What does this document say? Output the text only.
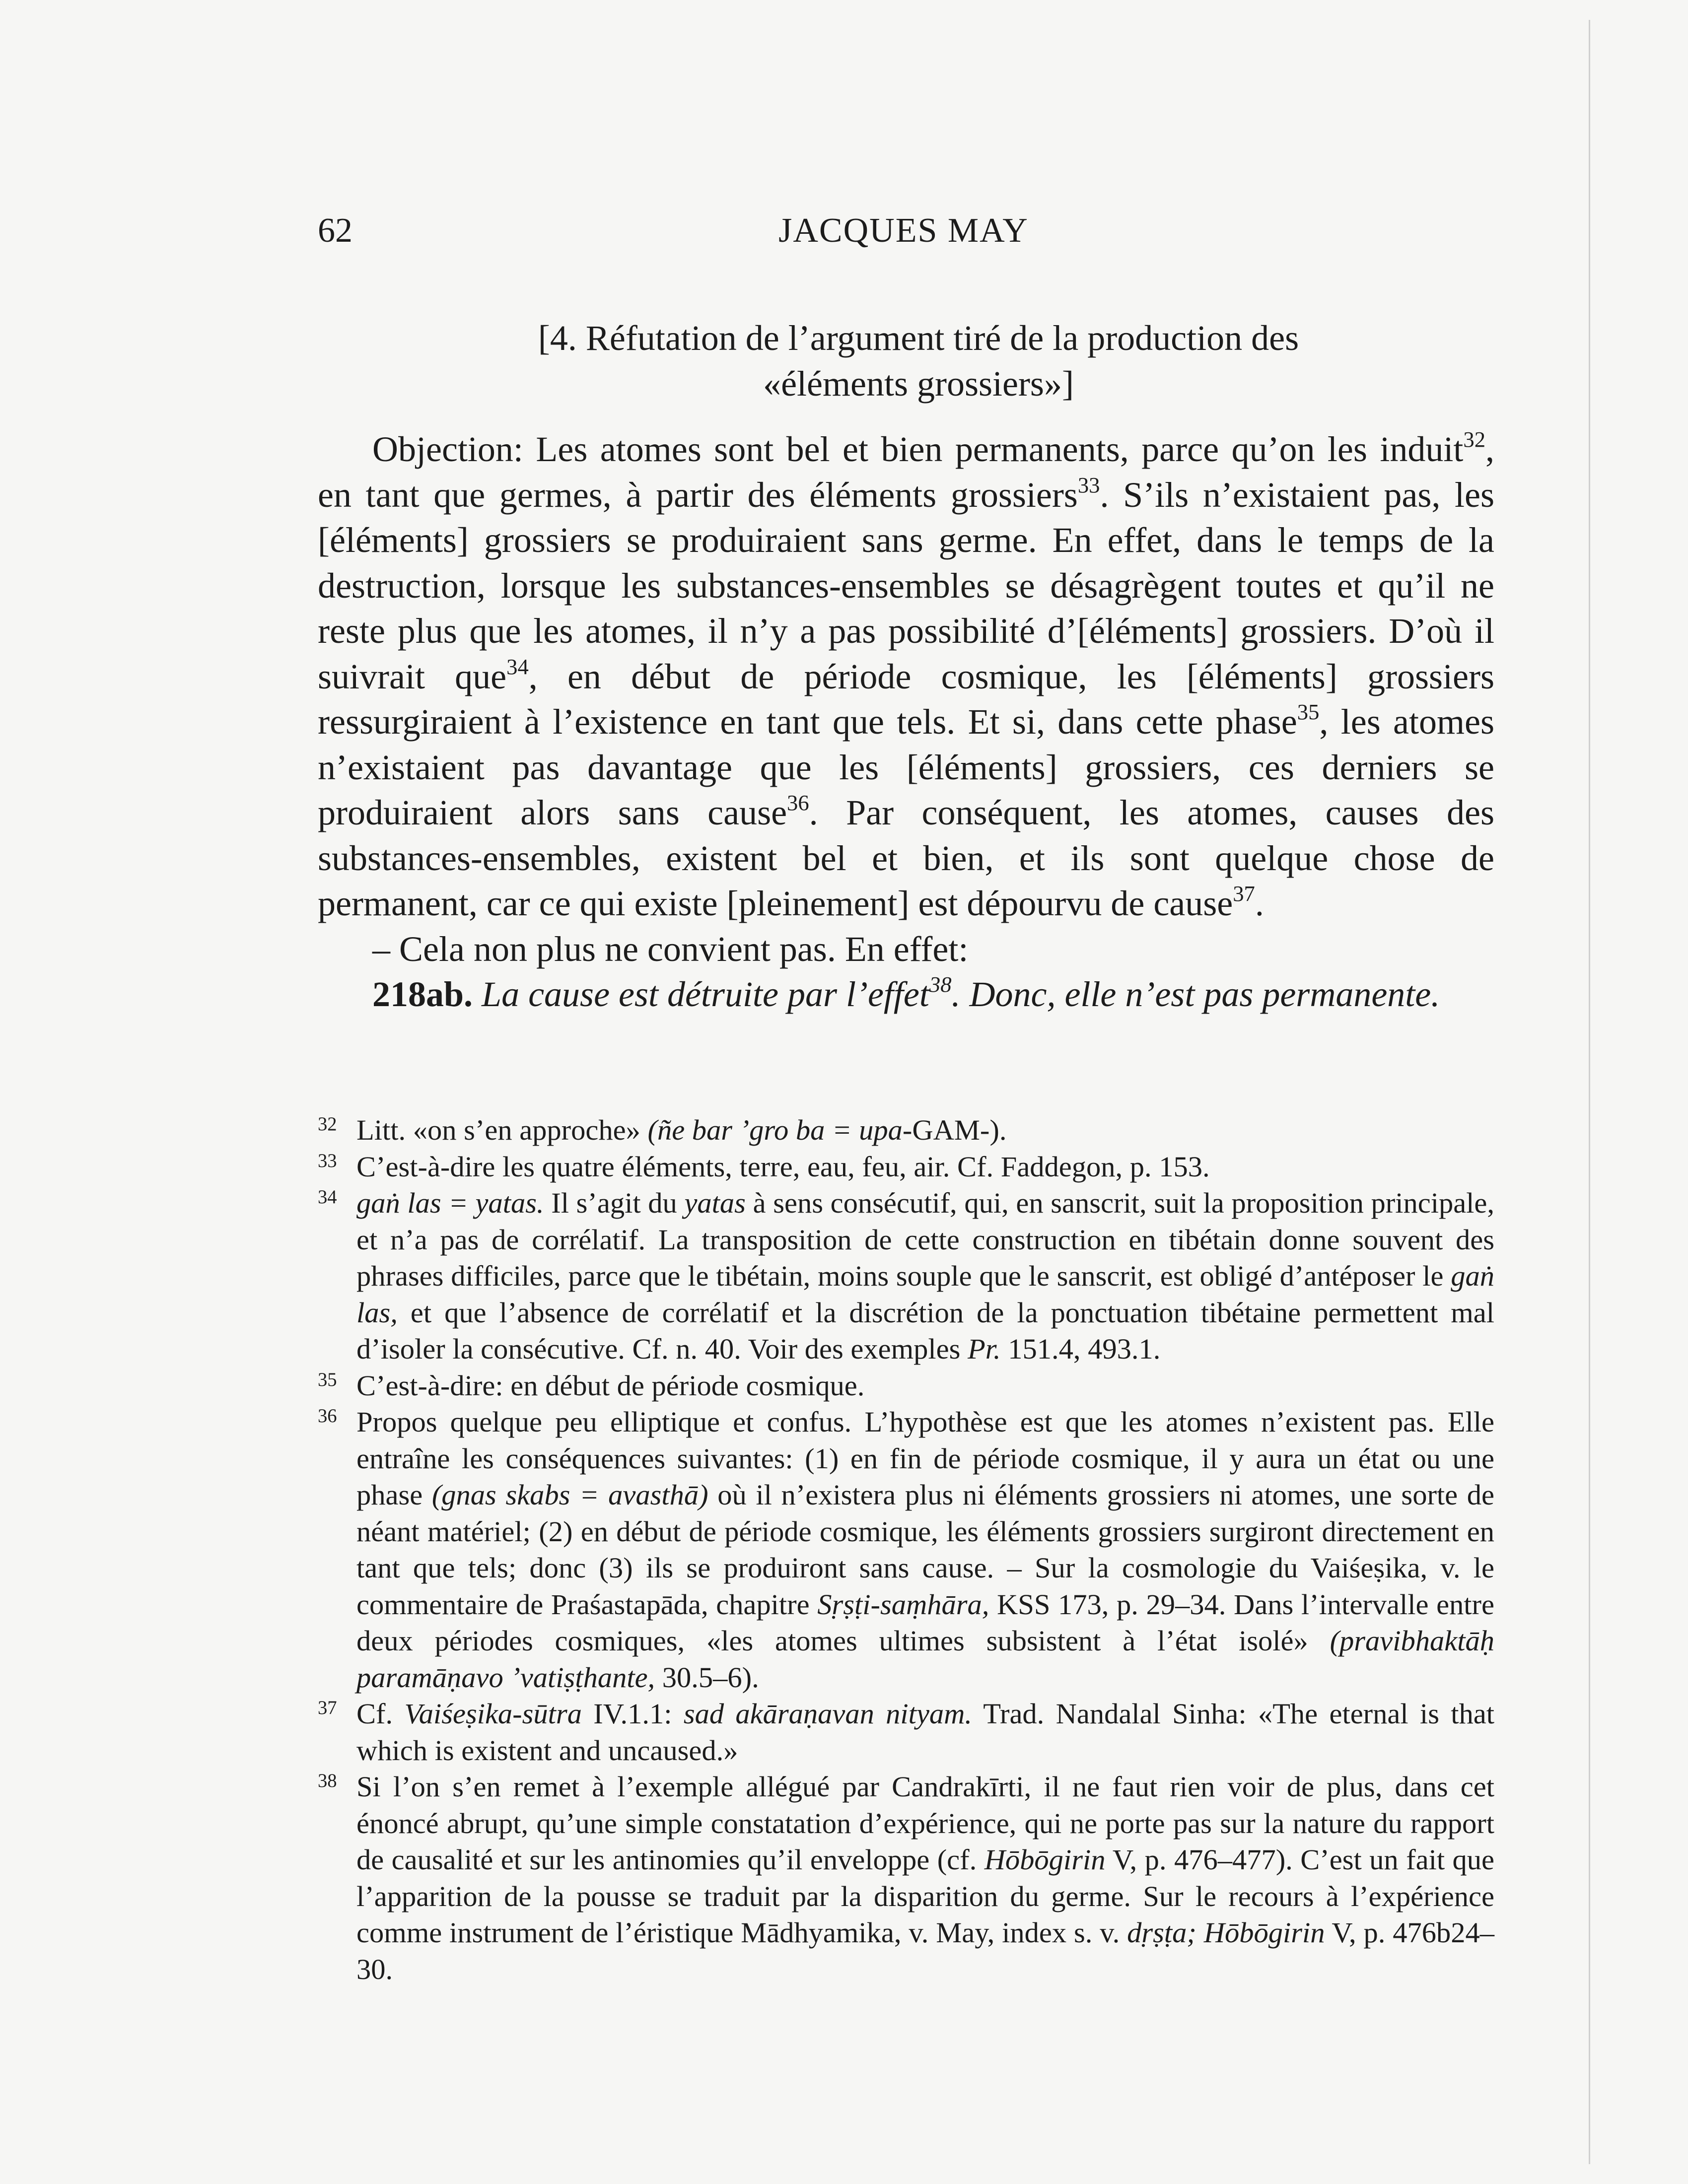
62	JACQUES MAY
[4. Réfutation de l’argument tiré de la production des
«éléments grossiers»]

Objection: Les atomes sont bel et bien permanents, parce qu’on les induit$^{32}$, en tant que germes, à partir des éléments grossiers$^{33}$. S’ils n’existaient pas, les [éléments] grossiers se produiraient sans germe. En effet, dans le temps de la destruction, lorsque les substances-ensembles se désagrègent toutes et qu’il ne reste plus que les atomes, il n’y a pas possibilité d’[éléments] grossiers. D’où il suivrait que$^{34}$, en début de période cosmique, les [éléments] grossiers ressurgiraient à l’existence en tant que tels. Et si, dans cette phase$^{35}$, les atomes n’existaient pas davantage que les [éléments] grossiers, ces derniers se produiraient alors sans cause$^{36}$. Par conséquent, les atomes, causes des substances-ensembles, existent bel et bien, et ils sont quelque chose de permanent, car ce qui existe [pleinement] est dépourvu de cause$^{37}$.

– Cela non plus ne convient pas. En effet:

218ab. La cause est détruite par l’effet$^{38}$. Donc, elle n’est pas permanente.

32 Litt. «on s’en approche» (ñe bar ’gro ba = upa-GAM-).
33 C’est-à-dire les quatre éléments, terre, eau, feu, air. Cf. Faddegon, p. 153.
34 gaṅ las = yatas. Il s’agit du yatas à sens consécutif, qui, en sanscrit, suit la proposition principale, et n’a pas de corrélatif. La transposition de cette construction en tibétain donne souvent des phrases difficiles, parce que le tibétain, moins souple que le sanscrit, est obligé d’antéposer le gaṅ las, et que l’absence de corrélatif et la discrétion de la ponctuation tibétaine permettent mal d’isoler la consécutive. Cf. n. 40. Voir des exemples Pr. 151.4, 493.1.
35 C’est-à-dire: en début de période cosmique.
36 Propos quelque peu elliptique et confus. L’hypothèse est que les atomes n’existent pas. Elle entraîne les conséquences suivantes: (1) en fin de période cosmique, il y aura un état ou une phase (gnas skabs = avasthā) où il n’existera plus ni éléments grossiers ni atomes, une sorte de néant matériel; (2) en début de période cosmique, les éléments grossiers surgiront directement en tant que tels; donc (3) ils se produiront sans cause. – Sur la cosmologie du Vaiśeṣika, v. le commentaire de Praśastapāda, chapitre Sṛṣṭi-saṃhāra, KSS 173, p. 29–34. Dans l’intervalle entre deux périodes cosmiques, «les atomes ultimes subsistent à l’état isolé» (pravibhaktāḥ paramāṇavo ’vatiṣṭhante, 30.5–6).
37 Cf. Vaiśeṣika-sūtra IV.1.1: sad akāraṇavan nityam. Trad. Nandalal Sinha: «The eternal is that which is existent and uncaused.»
38 Si l’on s’en remet à l’exemple allégué par Candrakīrti, il ne faut rien voir de plus, dans cet énoncé abrupt, qu’une simple constatation d’expérience, qui ne porte pas sur la nature du rapport de causalité et sur les antinomies qu’il enveloppe (cf. Hōbōgirin V, p. 476–477). C’est un fait que l’apparition de la pousse se traduit par la disparition du germe. Sur le recours à l’expérience comme instrument de l’éristique Mādhyamika, v. May, index s. v. dṛṣṭa; Hōbōgirin V, p. 476b24–30.
